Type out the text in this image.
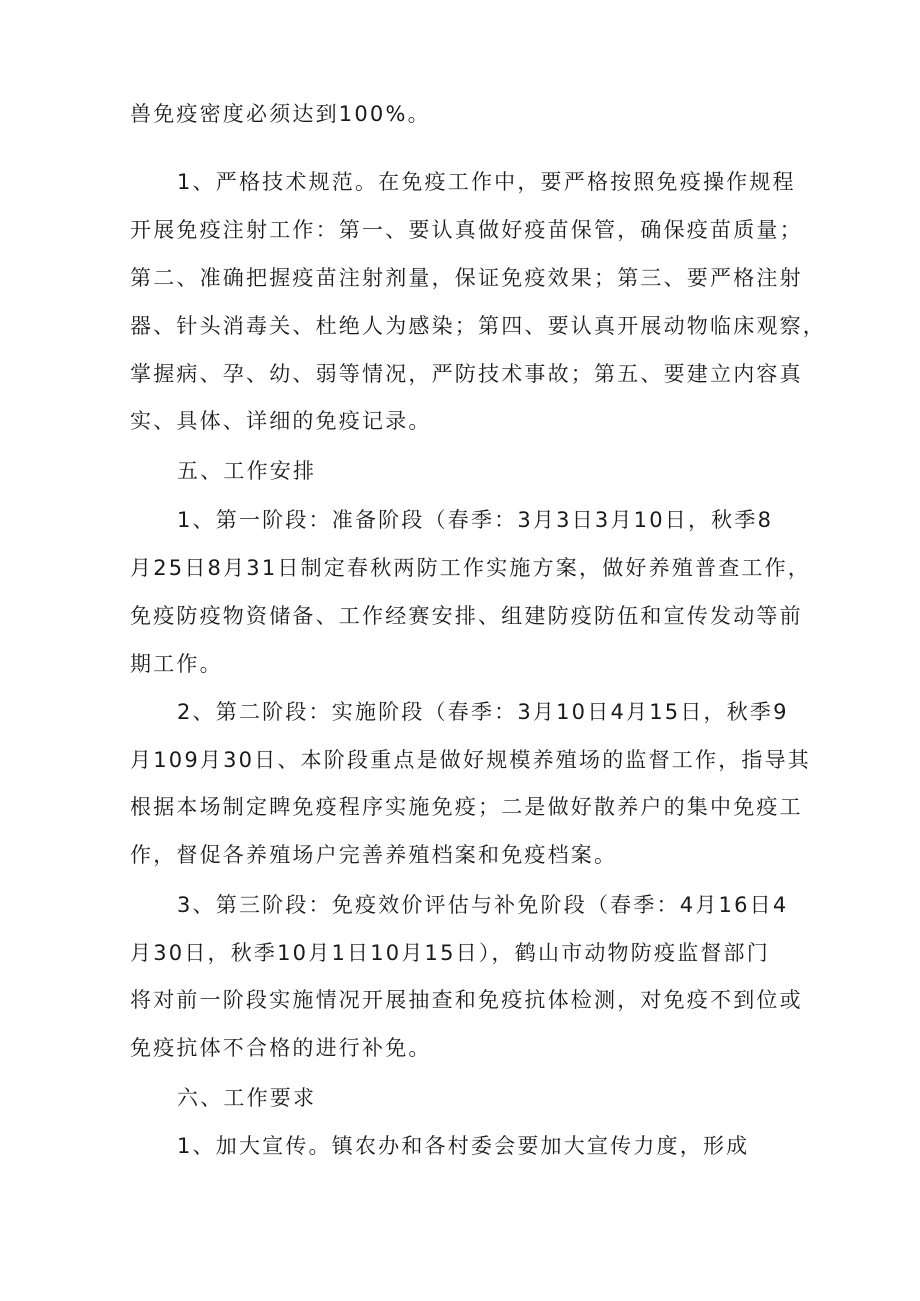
兽免疫密度必须达到100%。
1、严格技术规范。在免疫工作中，要严格按照免疫操作规程
开展免疫注射工作：第一、要认真做好疫苗保管，确保疫苗质量；
第二、准确把握疫苗注射剂量，保证免疫效果；第三、要严格注射
器、针头消毒关、杜绝人为感染；第四、要认真开展动物临床观察，
掌握病、孕、幼、弱等情况，严防技术事故；第五、要建立内容真
实、具体、详细的免疫记录。
五、工作安排
1、第一阶段：准备阶段（春季：3月3日3月10日，秋季8
月25日8月31日制定春秋两防工作实施方案，做好养殖普查工作，
免疫防疫物资储备、工作经赛安排、组建防疫防伍和宣传发动等前
期工作。
2、第二阶段：实施阶段（春季：3月10日4月15日，秋季9
月109月30日、本阶段重点是做好规模养殖场的监督工作，指导其
根据本场制定睥免疫程序实施免疫；二是做好散养户的集中免疫工
作，督促各养殖场户完善养殖档案和免疫档案。
3、第三阶段：免疫效价评估与补免阶段（春季：4月16日4
月30日，秋季10月1日10月15日），鹤山市动物防疫监督部门
将对前一阶段实施情况开展抽查和免疫抗体检测，对免疫不到位或
免疫抗体不合格的进行补免。
六、工作要求
1、加大宣传。镇农办和各村委会要加大宣传力度，形成
